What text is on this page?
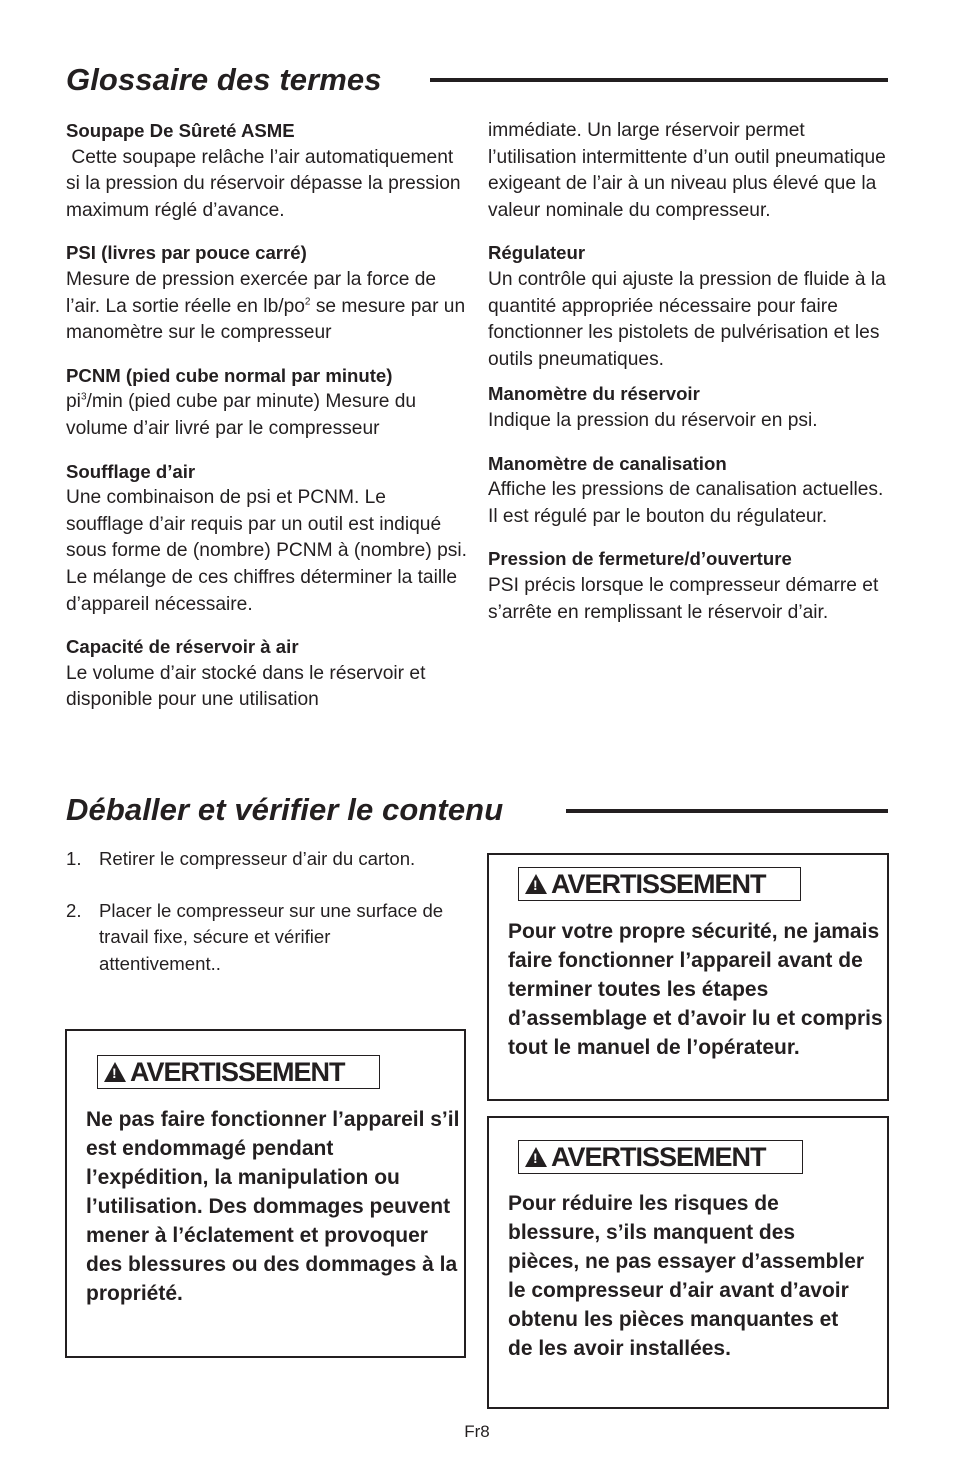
Glossaire des termes
Soupape De Sûreté ASME
Cette soupape relâche l’air automatiquement si la pression du réservoir dépasse la pression maximum réglé d’avance.
PSI (livres par pouce carré)
Mesure de pression exercée par la force de l’air. La sortie réelle en $lb/po^2$ se mesure par un manomètre sur le compresseur
PCNM (pied cube normal par minute)
$pi^3/\min$ (pied cube par minute) Mesure du volume d’air livré par le compresseur
Soufflage d’air
Une combinaison de psi et PCNM. Le soufflage d’air requis par un outil est indiqué sous forme de (nombre) PCNM à (nombre) psi. Le mélange de ces chiffres déterminer la taille d’appareil nécessaire.
Capacité de réservoir à air
Le volume d’air stocké dans le réservoir et disponible pour une utilisation
immédiate. Un large réservoir permet l’utilisation intermittente d’un outil pneumatique exigeant de l’air à un niveau plus élevé que la valeur nominale du compresseur.
Régulateur
Un contrôle qui ajuste la pression de fluide à la quantité appropriée nécessaire pour faire fonctionner les pistolets de pulvérisation et les outils pneumatiques.
Manomètre du réservoir
Indique la pression du réservoir en psi.
Manomètre de canalisation
Affiche les pressions de canalisation actuelles. Il est régulé par le bouton du régulateur.
Pression de fermeture/d’ouverture
PSI précis lorsque le compresseur démarre et s’arrête en remplissant le réservoir d’air.
Déballer et vérifier le contenu
1. Retirer le compresseur d’air du carton.
2. Placer le compresseur sur une surface de travail fixe, sécure et vérifier attentivement..
!
AVERTISSEMENT
Ne pas faire fonctionner l’appareil s’il est endommagé pendant l’expédition, la manipulation ou l’utilisation. Des dommages peuvent mener à l’éclatement et provoquer des blessures ou des dommages à la propriété.
!
AVERTISSEMENT
Pour votre propre sécurité, ne jamais faire fonctionner l’appareil avant de terminer toutes les étapes d’assemblage et d’avoir lu et compris tout le manuel de l’opérateur.
!
AVERTISSEMENT
Pour réduire les risques de blessure, s’ils manquent des pièces, ne pas essayer d’assembler le compresseur d’air avant d’avoir obtenu les pièces manquantes et de les avoir installées.
Fr8
